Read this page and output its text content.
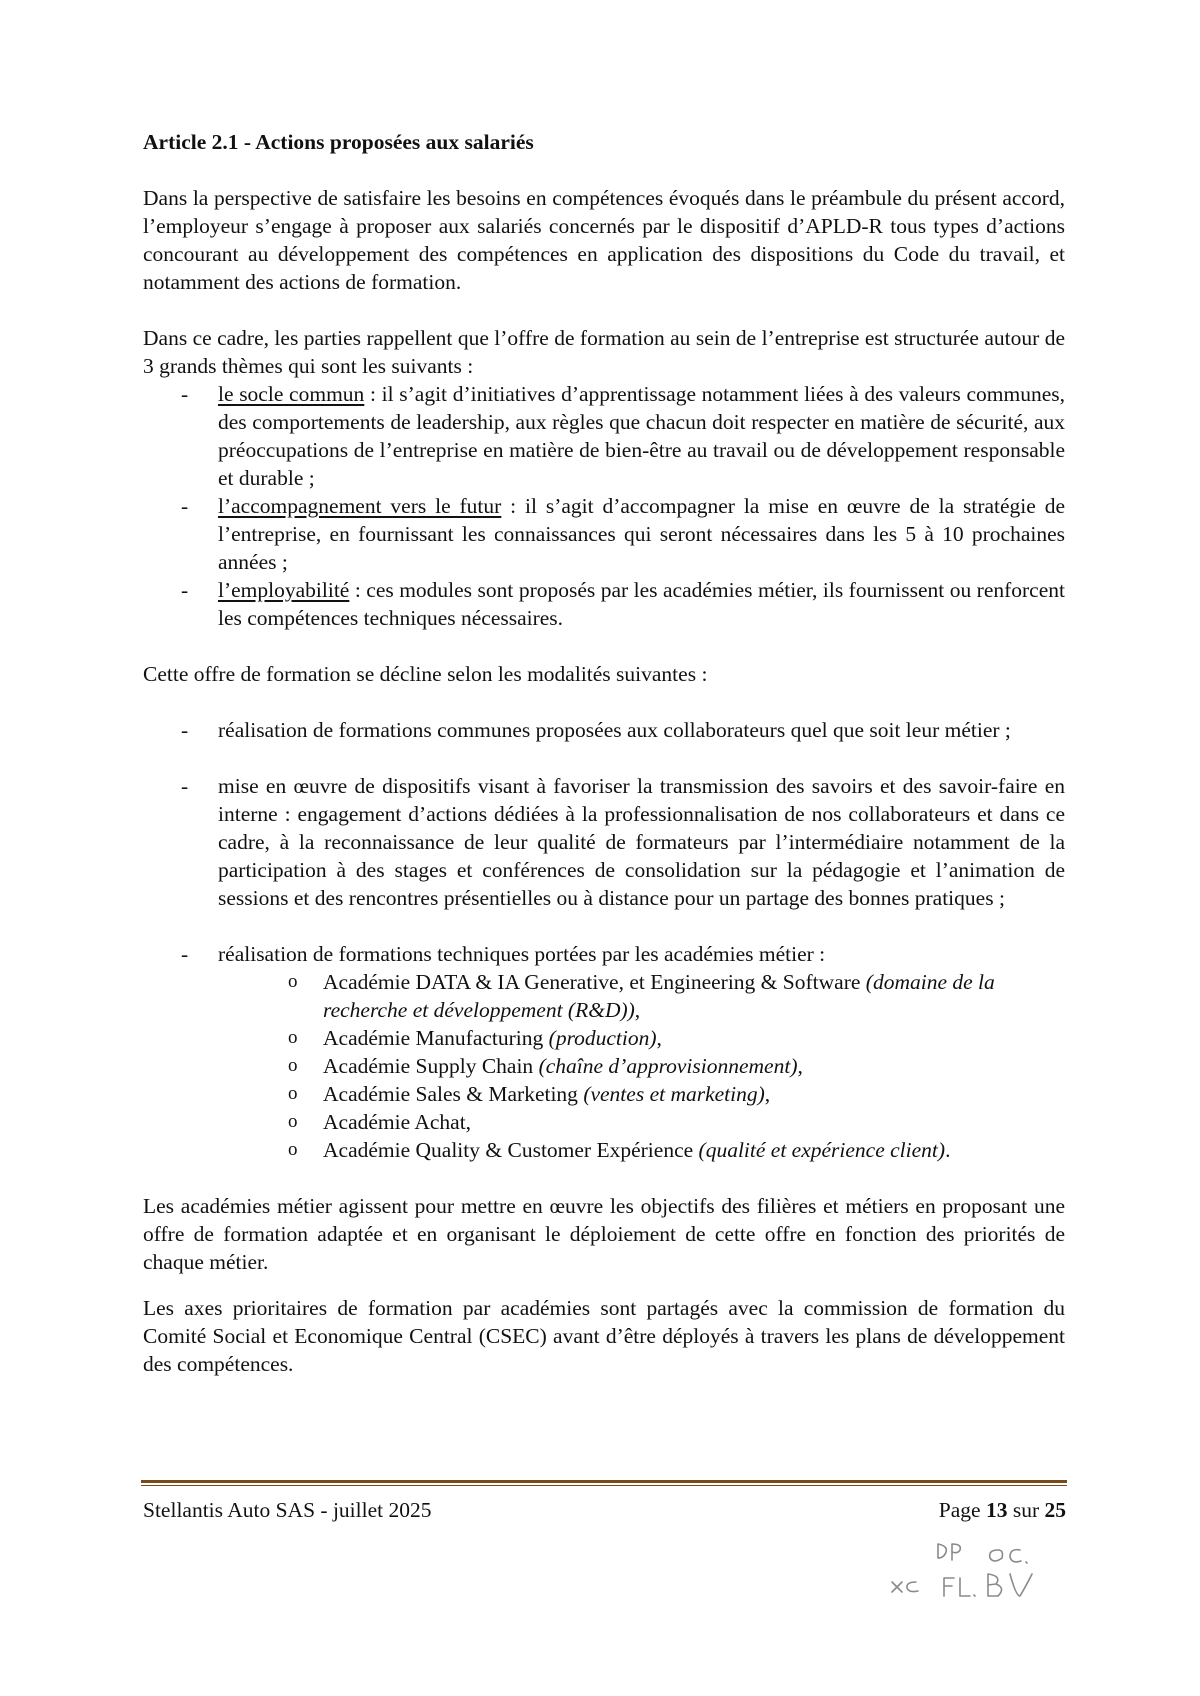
Article 2.1 - Actions proposées aux salariés

Dans la perspective de satisfaire les besoins en compétences évoqués dans le préambule du présent accord, l’employeur s’engage à proposer aux salariés concernés par le dispositif d’APLD-R tous types d’actions concourant au développement des compétences en application des dispositions du Code du travail, et notamment des actions de formation.

Dans ce cadre, les parties rappellent que l’offre de formation au sein de l’entreprise est structurée autour de 3 grands thèmes qui sont les suivants :

- le socle commun : il s’agit d’initiatives d’apprentissage notamment liées à des valeurs communes, des comportements de leadership, aux règles que chacun doit respecter en matière de sécurité, aux préoccupations de l’entreprise en matière de bien-être au travail ou de développement responsable et durable ;
- l’accompagnement vers le futur : il s’agit d’accompagner la mise en œuvre de la stratégie de l’entreprise, en fournissant les connaissances qui seront nécessaires dans les 5 à 10 prochaines années ;
- l’employabilité : ces modules sont proposés par les académies métier, ils fournissent ou renforcent les compétences techniques nécessaires.

Cette offre de formation se décline selon les modalités suivantes :

- réalisation de formations communes proposées aux collaborateurs quel que soit leur métier ;
- mise en œuvre de dispositifs visant à favoriser la transmission des savoirs et des savoir-faire en interne : engagement d’actions dédiées à la professionnalisation de nos collaborateurs et dans ce cadre, à la reconnaissance de leur qualité de formateurs par l’intermédiaire notamment de la participation à des stages et conférences de consolidation sur la pédagogie et l’animation de sessions et des rencontres présentielles ou à distance pour un partage des bonnes pratiques ;
- réalisation de formations techniques portées par les académies métier :
o Académie DATA & IA Generative, et Engineering & Software (domaine de la recherche et développement (R&D)),
o Académie Manufacturing (production),
o Académie Supply Chain (chaîne d’approvisionnement),
o Académie Sales & Marketing (ventes et marketing),
o Académie Achat,
o Académie Quality & Customer Expérience (qualité et expérience client).

Les académies métier agissent pour mettre en œuvre les objectifs des filières et métiers en proposant une offre de formation adaptée et en organisant le déploiement de cette offre en fonction des priorités de chaque métier.

Les axes prioritaires de formation par académies sont partagés avec la commission de formation du Comité Social et Economique Central (CSEC) avant d’être déployés à travers les plans de développement des compétences.

Stellantis Auto SAS - juillet 2025	Page 13 sur 25
